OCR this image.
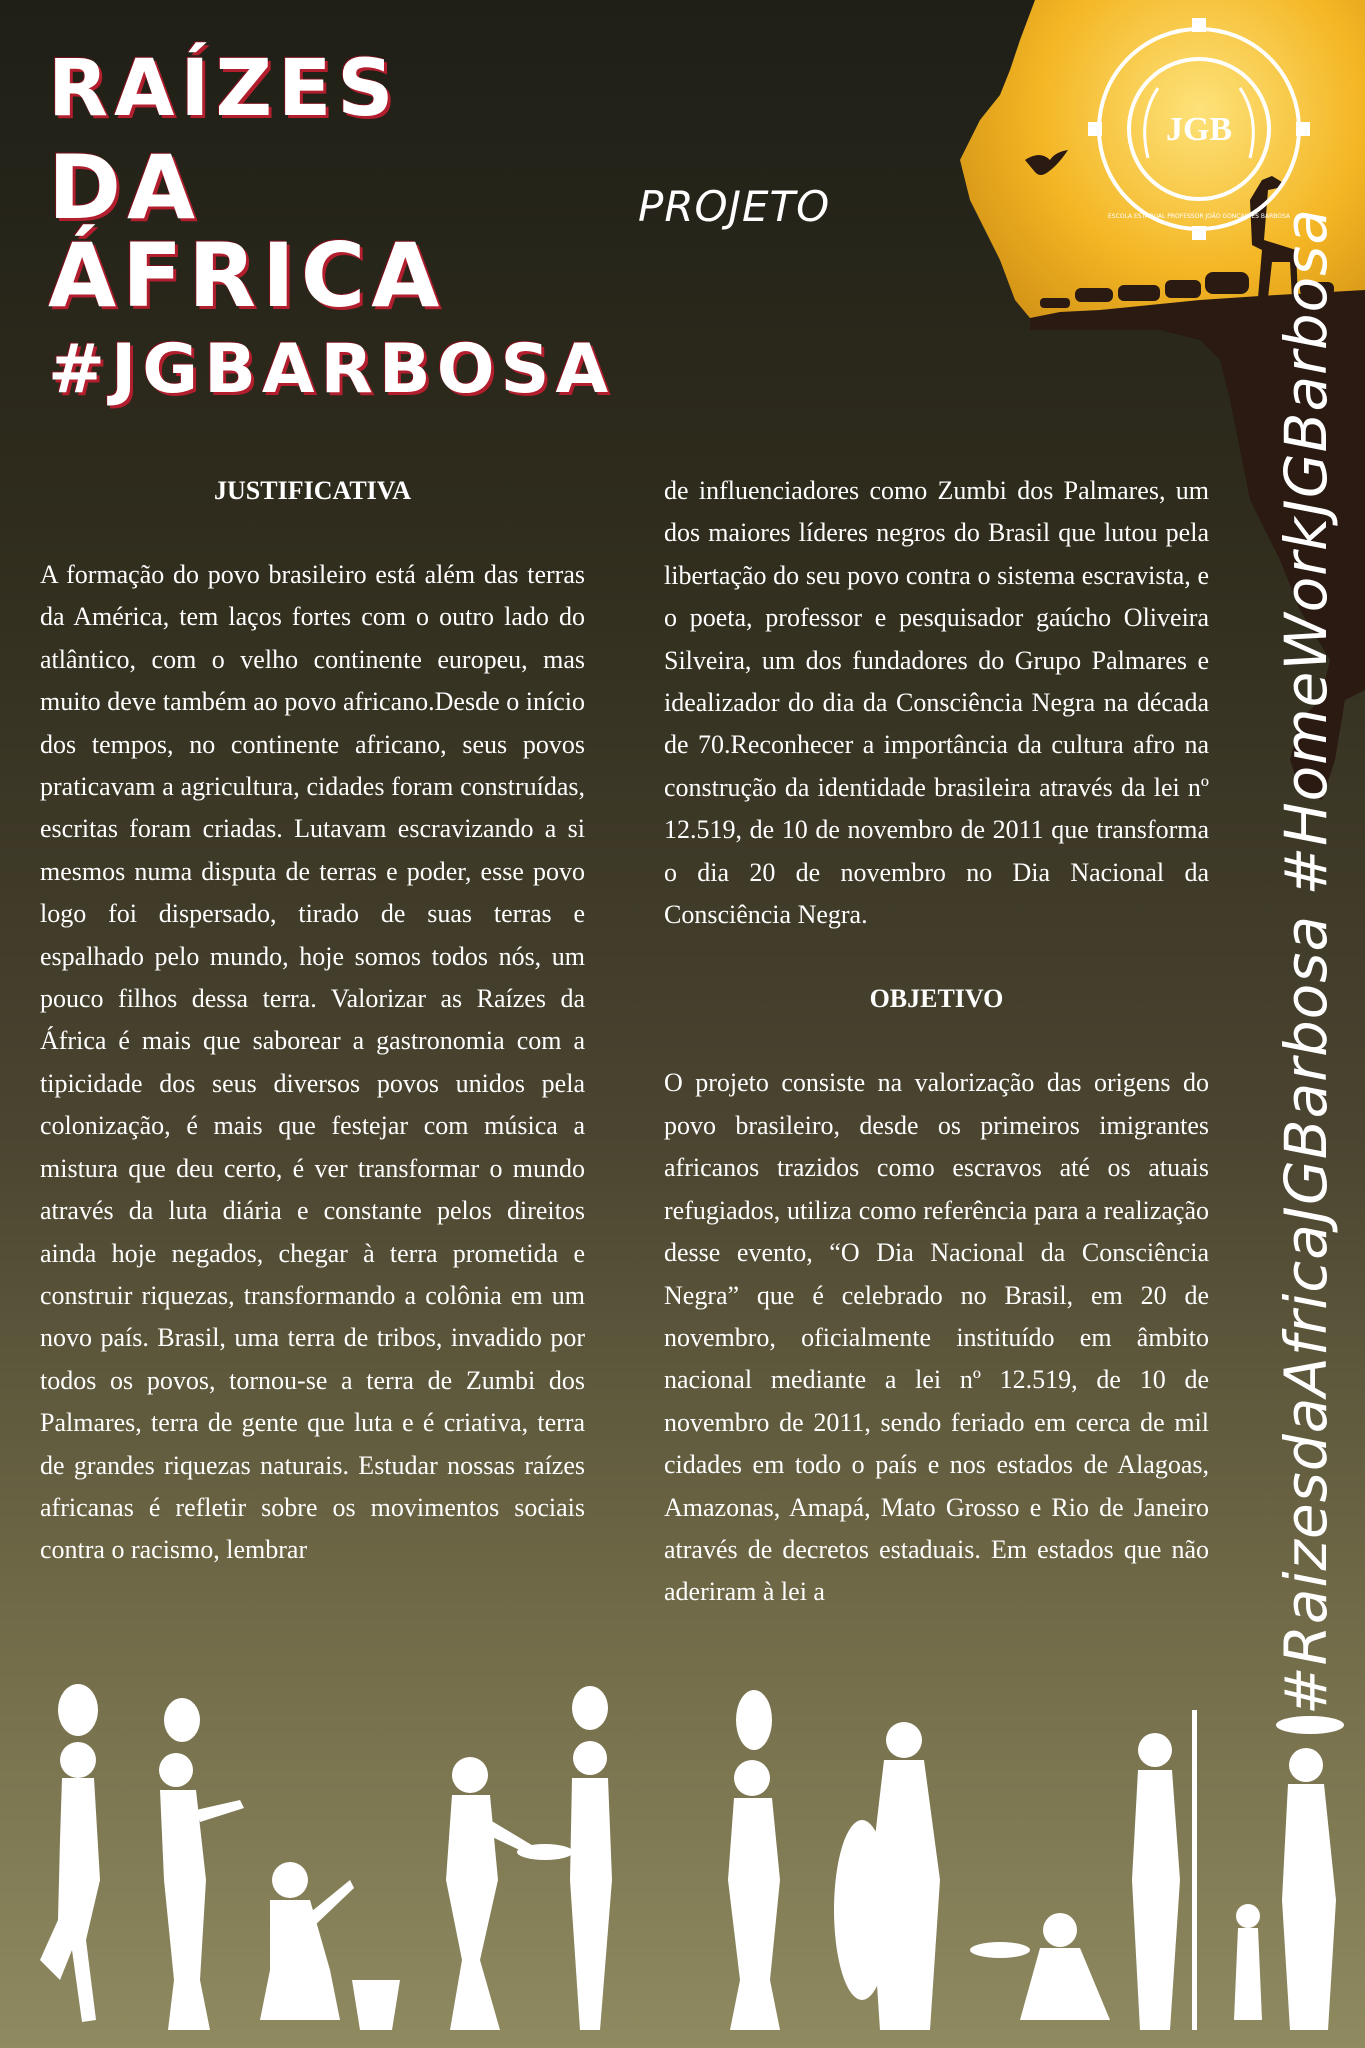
JGB
ESCOLA ESTADUAL PROFESSOR JOÃO GONÇALVES BARBOSA
RAÍZES
DA ÁFRICA
#JGBARBOSA
PROJETO
JUSTIFICATIVA

A formação do povo brasileiro está além das terras da América, tem laços fortes com o outro lado do atlântico, com o velho continente europeu, mas muito deve também ao povo africano.Desde o início dos tempos, no continente africano, seus povos praticavam a agricultura, cidades foram construídas, escritas foram criadas. Lutavam escravizando a si mesmos numa disputa de terras e poder, esse povo logo foi dispersado, tirado de suas terras e espalhado pelo mundo, hoje somos todos nós, um pouco filhos dessa terra. Valorizar as Raízes da África é mais que saborear a gastronomia com a tipicidade dos seus diversos povos unidos pela colonização, é mais que festejar com música a mistura que deu certo, é ver transformar o mundo através da luta diária e constante pelos direitos ainda hoje negados, chegar à terra prometida e construir riquezas, transformando a colônia em um novo país. Brasil, uma terra de tribos, invadido por todos os povos, tornou-se a terra de Zumbi dos Palmares, terra de gente que luta e é criativa, terra de grandes riquezas naturais. Estudar nossas raízes africanas é refletir sobre os movimentos sociais contra o racismo, lembrar

de influenciadores como Zumbi dos Palmares, um dos maiores líderes negros do Brasil que lutou pela libertação do seu povo contra o sistema escravista, e o poeta, professor e pesquisador gaúcho Oliveira Silveira, um dos fundadores do Grupo Palmares e idealizador do dia da Consciência Negra na década de 70.Reconhecer a importância da cultura afro na construção da identidade brasileira através da lei nº 12.519, de 10 de novembro de 2011 que transforma o dia 20 de novembro no Dia Nacional da Consciência Negra.

OBJETIVO

O projeto consiste na valorização das origens do povo brasileiro, desde os primeiros imigrantes africanos trazidos como escravos até os atuais refugiados, utiliza como referência para a realização desse evento, “O Dia Nacional da Consciência Negra” que é celebrado no Brasil, em 20 de novembro, oficialmente instituído em âmbito nacional mediante a lei nº 12.519, de 10 de novembro de 2011, sendo feriado em cerca de mil cidades em todo o país e nos estados de Alagoas, Amazonas, Amapá, Mato Grosso e Rio de Janeiro através de decretos estaduais. Em estados que não aderiram à lei a	#RaizesdaAfricaJGBarbosa #HomeWorkJGBarbosa
